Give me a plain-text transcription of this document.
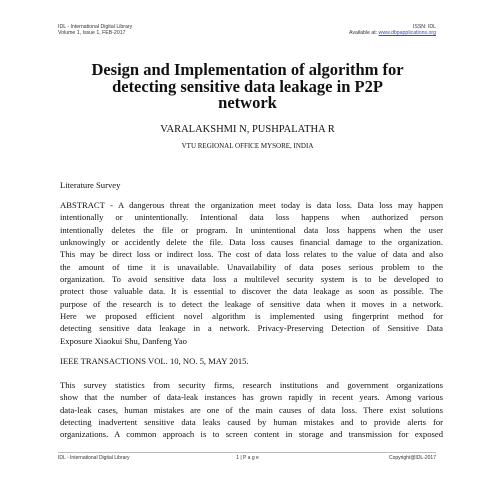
IDL - International Digital Library
Volume 1, Issue 1, FEB-2017
ISSN: IDL
Available at: www.dbpapplications.org
Design and Implementation of algorithm for
detecting sensitive data leakage in P2P
network
VARALAKSHMI N, PUSHPALATHA R
VTU REGIONAL OFFICE MYSORE, INDIA
Literature Survey
ABSTRACT - A dangerous threat the organization meet today is data loss. Data loss may happen
intentionally or unintentionally. Intentional data loss happens when authorized person
intentionally deletes the file or program. In unintentional data loss happens when the user
unknowingly or accidently delete the file. Data loss causes financial damage to the organization.
This may be direct loss or indirect loss. The cost of data loss relates to the value of data and also
the amount of time it is unavailable. Unavailability of data poses serious problem to the
organization. To avoid sensitive data loss a multilevel security system is to be developed to
protect those valuable data. It is essential to discover the data leakage as soon as possible. The
purpose of the research is to detect the leakage of sensitive data when it moves in a network.
Here we proposed efficient novel algorithm is implemented using fingerprint method for
detecting sensitive data leakage in a network. Privacy-Preserving Detection of Sensitive Data
Exposure Xiaokui Shu, Danfeng Yao
IEEE TRANSACTIONS VOL. 10, NO. 5, MAY 2015.
This survey statistics from security firms, research institutions and government organizations
show that the number of data-leak instances has grown rapidly in recent years. Among various
data-leak cases, human mistakes are one of the main causes of data loss. There exist solutions
detecting inadvertent sensitive data leaks caused by human mistakes and to provide alerts for
organizations. A common approach is to screen content in storage and transmission for exposed
IDL - International Digital Library	1 | P a g e	Copyright@IDL-2017
